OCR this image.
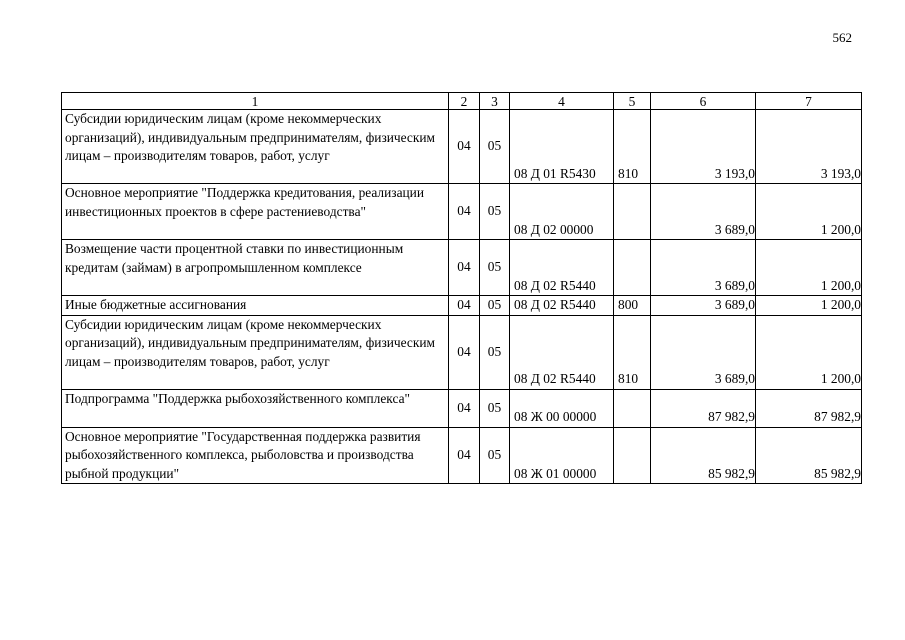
562
1	2	3	4	5	6	7
Субсидии юридическим лицам (кроме некоммерческих организаций), индивидуальным предпринимателям, физическим лицам – производителям товаров, работ, услуг	04	05	08 Д 01 R5430	810	3 193,0	3 193,0
Основное мероприятие "Поддержка кредитования, реализации инвестиционных проектов в сфере растениеводства"	04	05	08 Д 02 00000		3 689,0	1 200,0
Возмещение части процентной ставки по инвестиционным кредитам (займам) в агропромышленном комплексе	04	05	08 Д 02 R5440		3 689,0	1 200,0
Иные бюджетные ассигнования	04	05	08 Д 02 R5440	800	3 689,0	1 200,0
Субсидии юридическим лицам (кроме некоммерческих организаций), индивидуальным предпринимателям, физическим лицам – производителям товаров, работ, услуг	04	05	08 Д 02 R5440	810	3 689,0	1 200,0
Подпрограмма "Поддержка рыбохозяйственного комплекса"	04	05	08 Ж 00 00000		87 982,9	87 982,9
Основное мероприятие "Государственная поддержка развития рыбохозяйственного комплекса, рыболовства и производства рыбной продукции"	04	05	08 Ж 01 00000		85 982,9	85 982,9
